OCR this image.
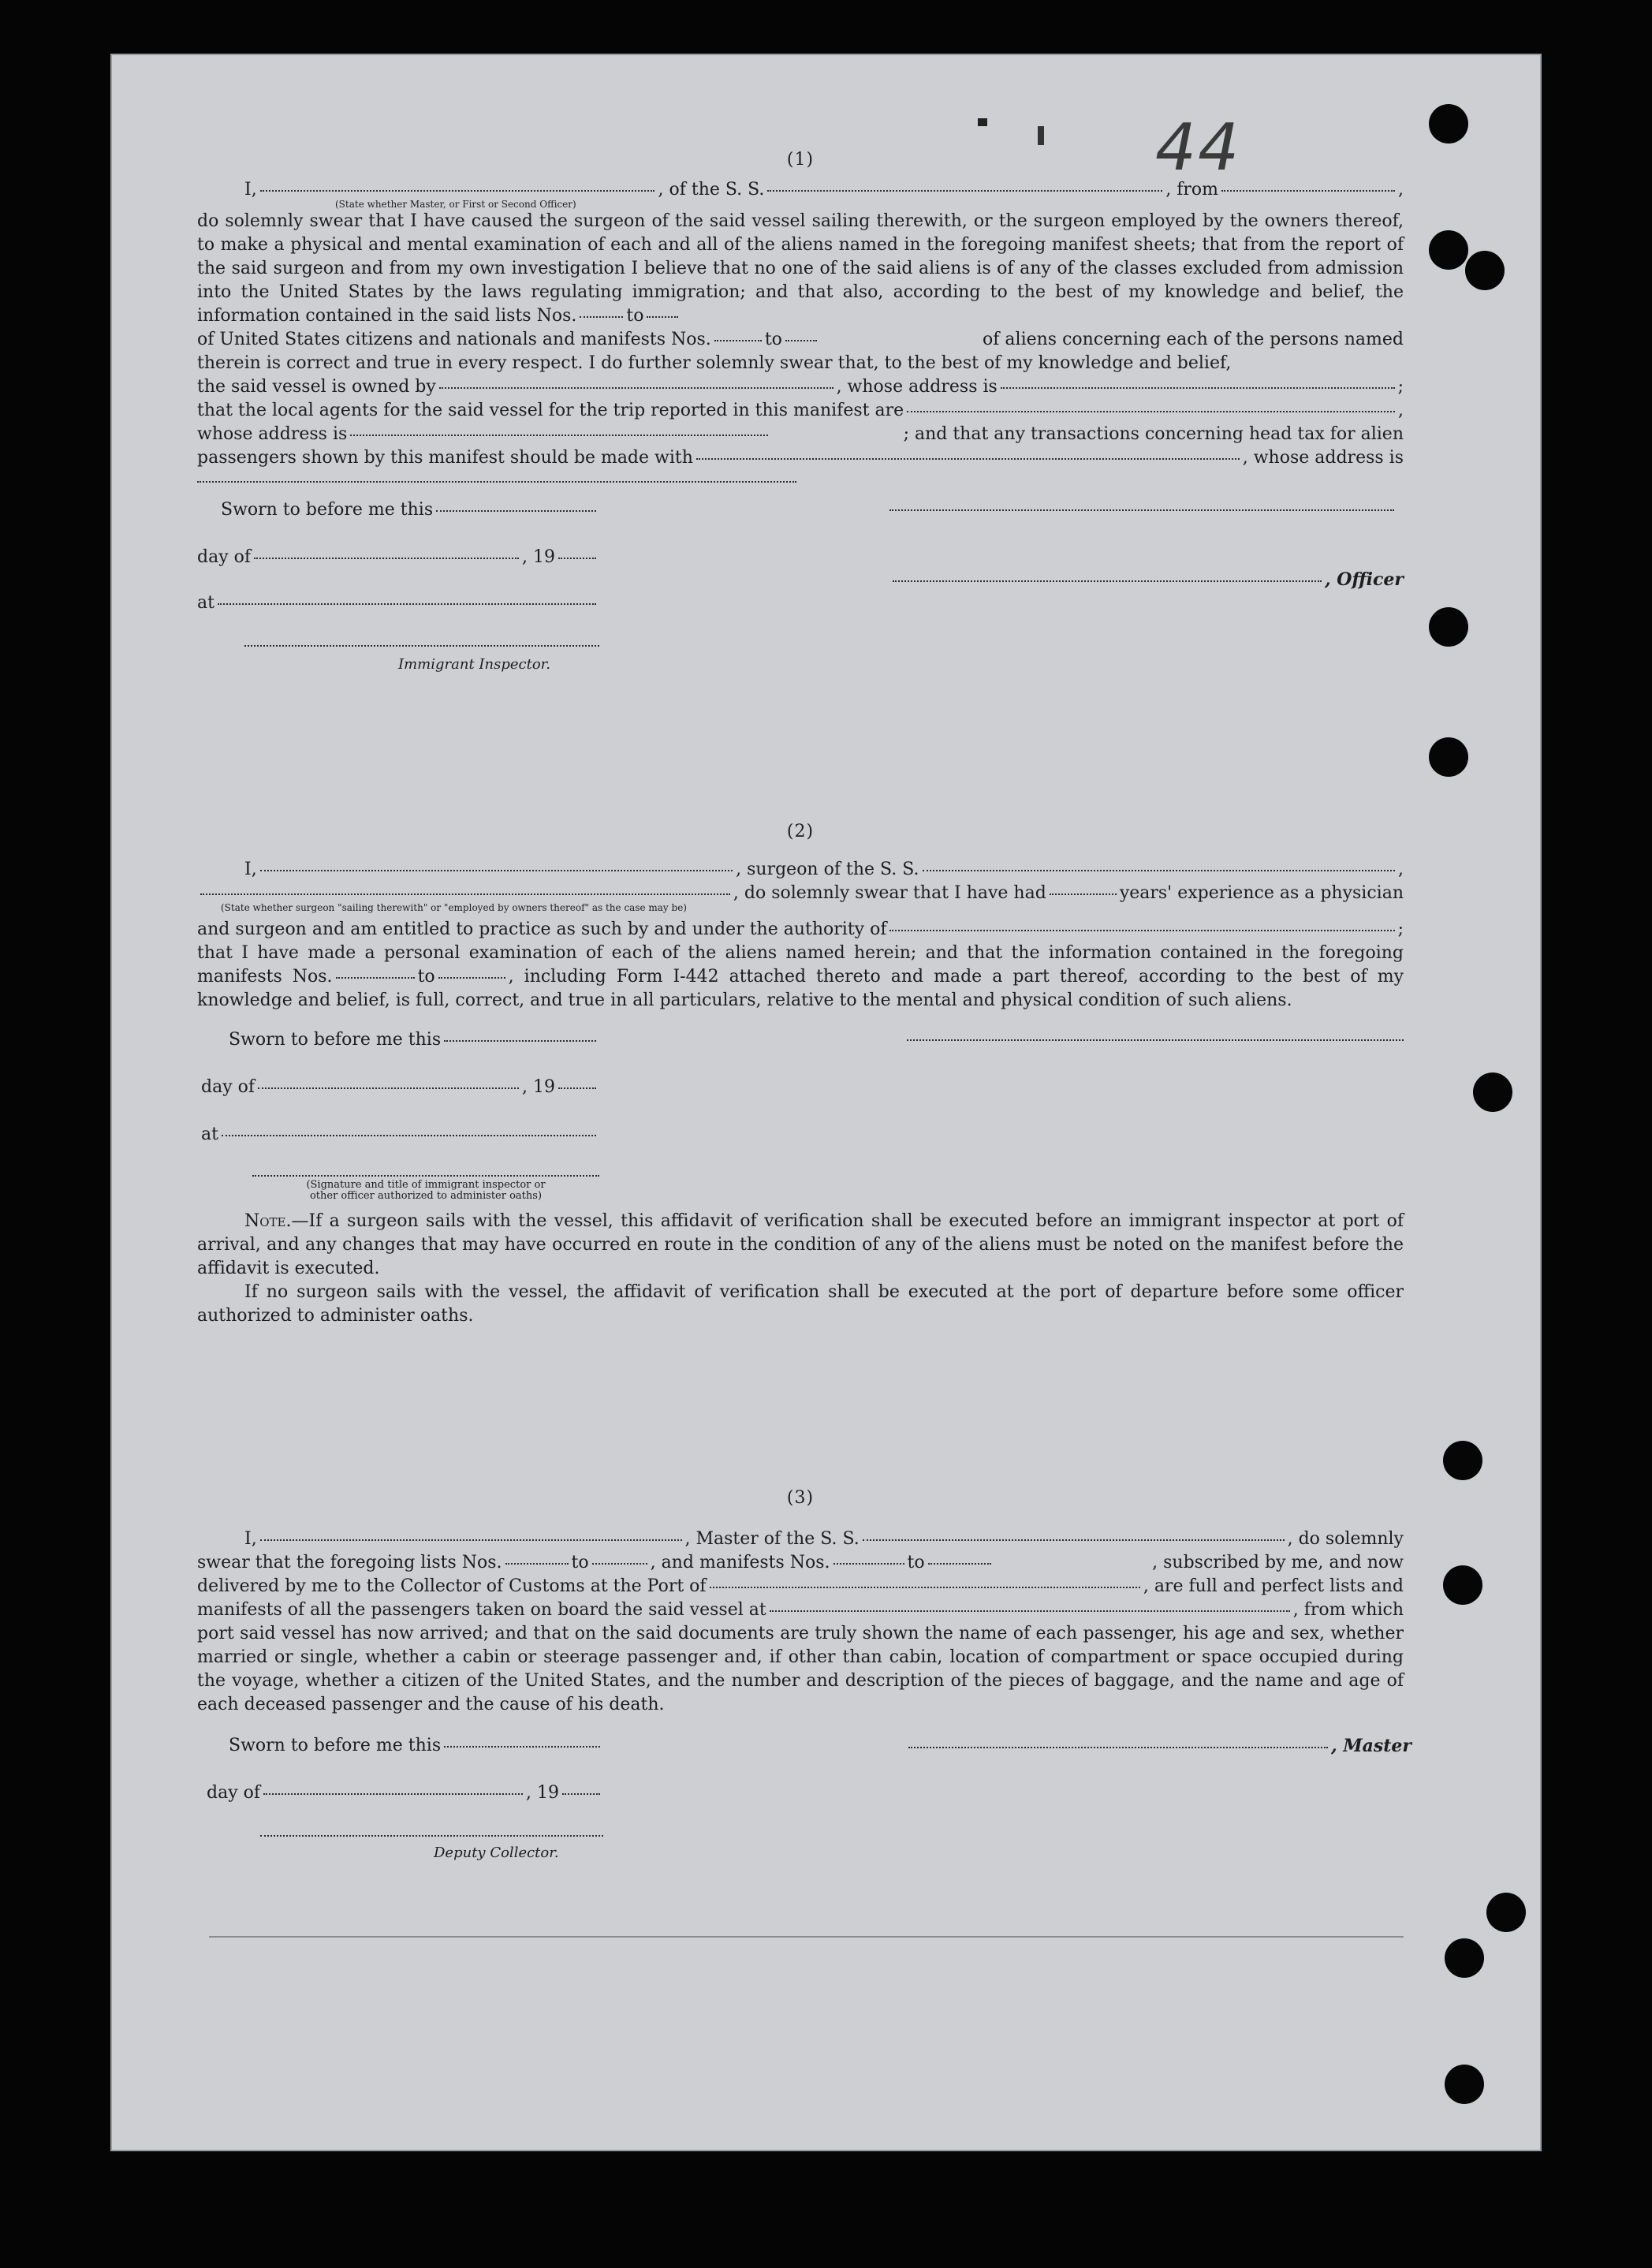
44
(1)
I,	, of the S. S.	, from	,
(State whether Master, or First or Second Officer)
do solemnly swear that I have caused the surgeon of the said vessel sailing therewith, or the surgeon employed by the owners thereof, to make a physical and mental examination of each and all of the aliens named in the foregoing manifest sheets; that from the report of the said surgeon and from my own investigation I believe that no one of the said aliens is of any of the classes excluded from admission into the United States by the laws regulating immigration; and that also, according to the best of my knowledge and belief, the information contained in the said lists Nos.	to
of United States citizens and nationals and manifests Nos.	to	of aliens concerning each of the persons named
therein is correct and true in every respect. I do further solemnly swear that, to the best of my knowledge and belief,
the said vessel is owned by	, whose address is	;
that the local agents for the said vessel for the trip reported in this manifest are	,
whose address is	; and that any transactions concerning head tax for alien
passengers shown by this manifest should be made with	, whose address is
Sworn to before me this
day of	, 19
, Officer
at
Immigrant Inspector.
(2)
I,	, surgeon of the S. S.	,
, do solemnly swear that I have had	years' experience as a physician
(State whether surgeon "sailing therewith" or "employed by owners thereof" as the case may be)
and surgeon and am entitled to practice as such by and under the authority of	;
that I have made a personal examination of each of the aliens named herein; and that the information contained in the foregoing manifests Nos.	to	, including Form I-442 attached thereto and made a part thereof, according to the best of my knowledge and belief, is full, correct, and true in all particulars, relative to the mental and physical condition of such aliens.
Sworn to before me this
day of	, 19
at
(Signature and title of immigrant inspector or
other officer authorized to administer oaths)
Note.—If a surgeon sails with the vessel, this affidavit of verification shall be executed before an immigrant inspector at port of arrival, and any changes that may have occurred en route in the condition of any of the aliens must be noted on the manifest before the affidavit is executed.
If no surgeon sails with the vessel, the affidavit of verification shall be executed at the port of departure before some officer authorized to administer oaths.
(3)
I,	, Master of the S. S.	, do solemnly
swear that the foregoing lists Nos.	to	, and manifests Nos.	to	, subscribed by me, and now
delivered by me to the Collector of Customs at the Port of	, are full and perfect lists and
manifests of all the passengers taken on board the said vessel at	, from which
port said vessel has now arrived; and that on the said documents are truly shown the name of each passenger, his age and sex, whether married or single, whether a cabin or steerage passenger and, if other than cabin, location of compartment or space occupied during the voyage, whether a citizen of the United States, and the number and description of the pieces of baggage, and the name and age of each deceased passenger and the cause of his death.
Sworn to before me this	, Master
day of	, 19
Deputy Collector.
